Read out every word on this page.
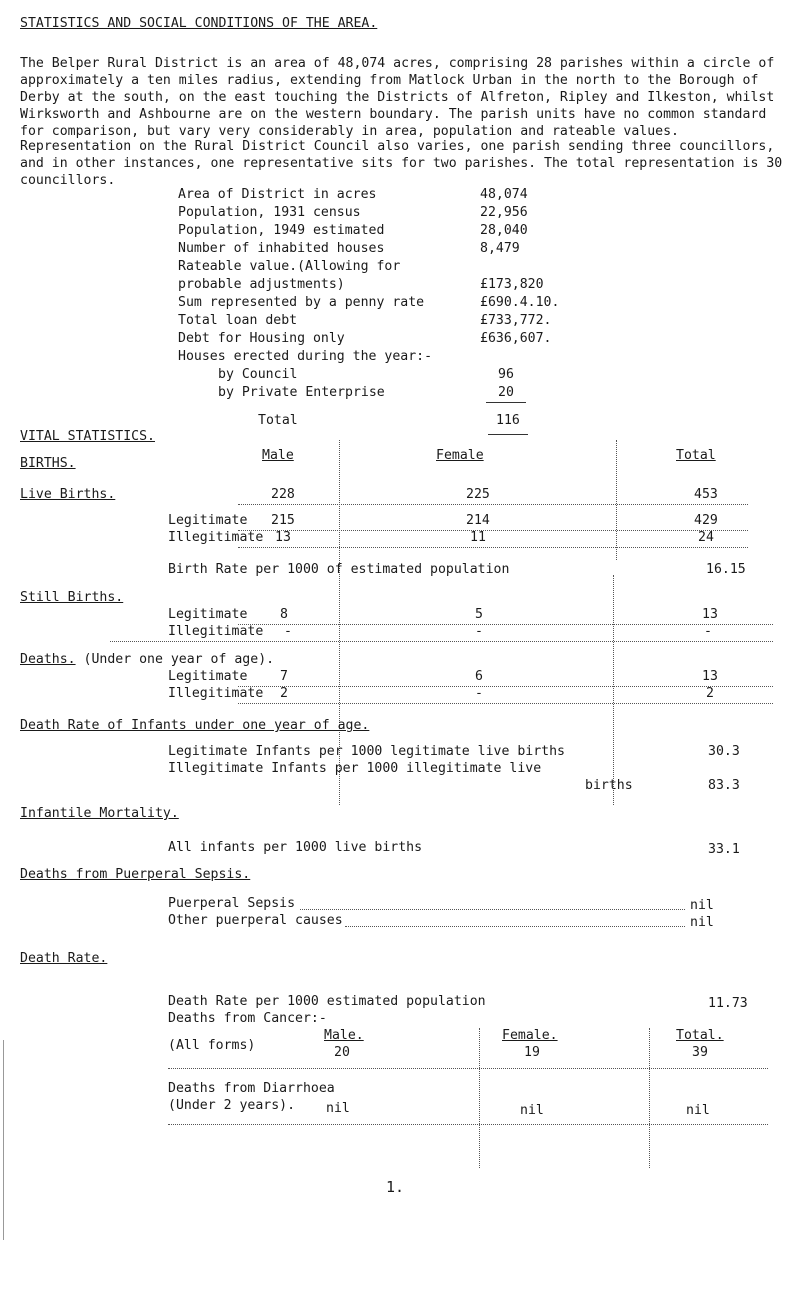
STATISTICS AND SOCIAL CONDITIONS OF THE AREA.
The Belper Rural District is an area of 48,074 acres, comprising 28 parishes within a circle of approximately a ten miles radius, extending from Matlock Urban in the north to the Borough of Derby at the south, on the east touching the Districts of Alfreton, Ripley and Ilkeston, whilst Wirksworth and Ashbourne are on the western boundary. The parish units have no common standard for comparison, but vary very considerably in area, population and rateable values.
Representation on the Rural District Council also varies, one parish sending three councillors, and in other instances, one representative sits for two parishes. The total representation is 30 councillors.
Area of District in acres	48,074
Population, 1931 census	22,956
Population, 1949 estimated	28,040
Number of inhabited houses	8,479
Rateable value.(Allowing for
probable adjustments)	£173,820
Sum represented by a penny rate	£690.4.10.
Total loan debt	£733,772.
Debt for Housing only	£636,607.
Houses erected during the year:-
by Council	96
by Private Enterprise	20
Total	116
VITAL STATISTICS.
BIRTHS.
Male	Female	Total
Live Births.	228	225	453
Legitimate 215	214	429
Illegitimate 13	11	24
Birth Rate per 1000 of estimated population	16.15
Still Births.
Legitimate 8	5	13
Illegitimate -	-	-
Deaths. (Under one year of age).
Legitimate 7	6	13
Illegitimate 2	-	2
Death Rate of Infants under one year of age.
Legitimate Infants per 1000 legitimate live births	30.3
Illegitimate Infants per 1000 illegitimate live
births	83.3
Infantile Mortality.
All infants per 1000 live births	33.1
Deaths from Puerperal Sepsis.
Puerperal Sepsis	nil
Other puerperal causes	nil
Death Rate.
Death Rate per 1000 estimated population	11.73
Deaths from Cancer:-
Male.	Female.	Total.
(All forms)	20	19	39
Deaths from Diarrhoea
(Under 2 years). nil	nil	nil
1.
